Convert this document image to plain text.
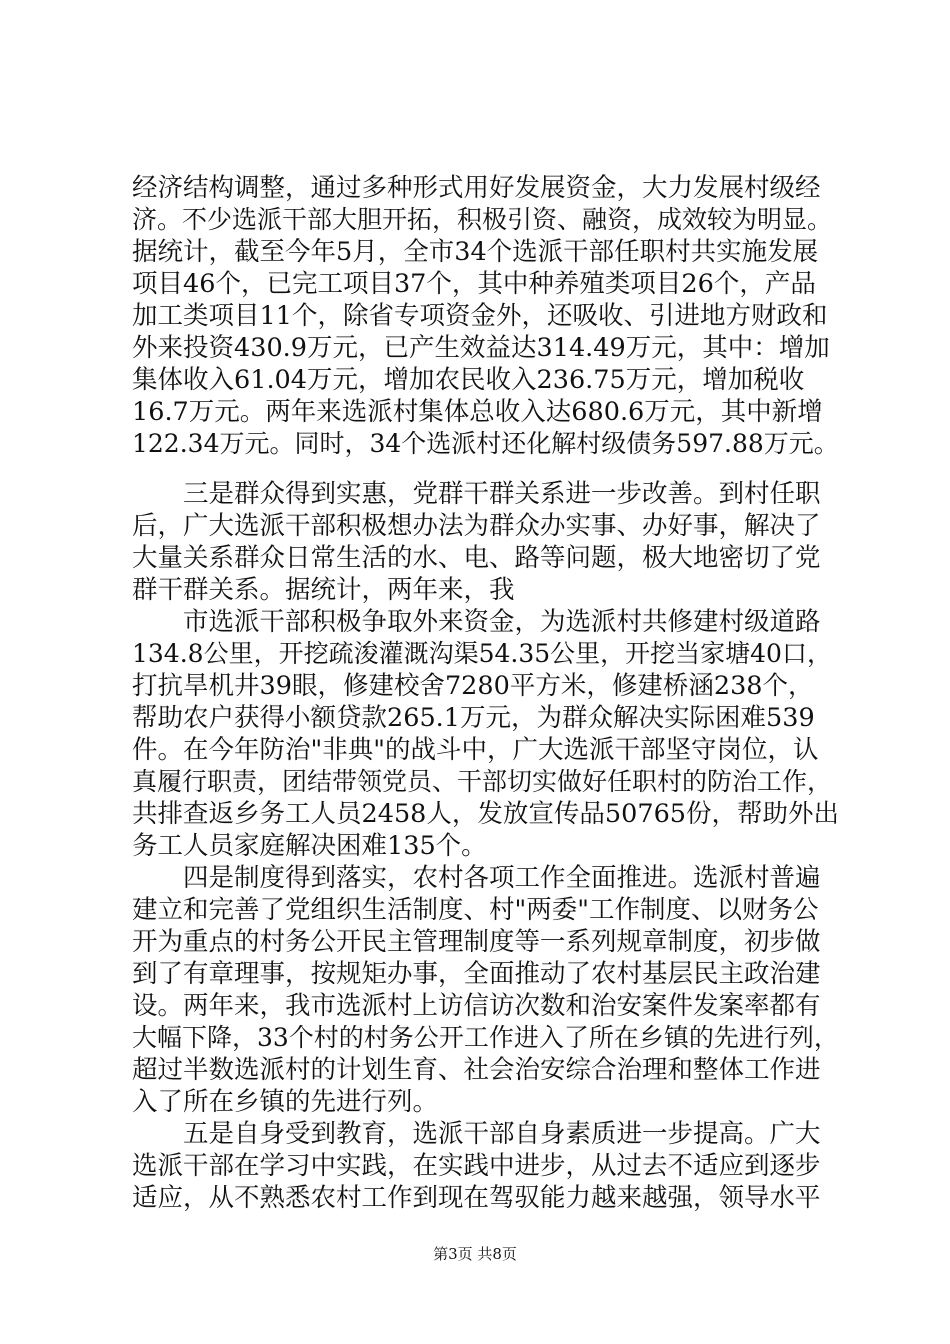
经济结构调整，通过多种形式用好发展资金，大力发展村级经
济。不少选派干部大胆开拓，积极引资、融资，成效较为明显。
据统计，截至今年5月，全市34个选派干部任职村共实施发展
项目46个，已完工项目37个，其中种养殖类项目26个，产品
加工类项目11个，除省专项资金外，还吸收、引进地方财政和
外来投资430.9万元，已产生效益达314.49万元，其中：增加
集体收入61.04万元，增加农民收入236.75万元，增加税收
16.7万元。两年来选派村集体总收入达680.6万元，其中新增
122.34万元。同时，34个选派村还化解村级债务597.88万元。
　　三是群众得到实惠，党群干群关系进一步改善。到村任职
后，广大选派干部积极想办法为群众办实事、办好事，解决了
大量关系群众日常生活的水、电、路等问题，极大地密切了党
群干群关系。据统计，两年来，我
　　市选派干部积极争取外来资金，为选派村共修建村级道路
134.8公里，开挖疏浚灌溉沟渠54.35公里，开挖当家塘40口，
打抗旱机井39眼，修建校舍7280平方米，修建桥涵238个，
帮助农户获得小额贷款265.1万元，为群众解决实际困难539
件。在今年防治"非典"的战斗中，广大选派干部坚守岗位，认
真履行职责，团结带领党员、干部切实做好任职村的防治工作，
共排查返乡务工人员2458人，发放宣传品50765份，帮助外出
务工人员家庭解决困难135个。
　　四是制度得到落实，农村各项工作全面推进。选派村普遍
建立和完善了党组织生活制度、村"两委"工作制度、以财务公
开为重点的村务公开民主管理制度等一系列规章制度，初步做
到了有章理事，按规矩办事，全面推动了农村基层民主政治建
设。两年来，我市选派村上访信访次数和治安案件发案率都有
大幅下降，33个村的村务公开工作进入了所在乡镇的先进行列，
超过半数选派村的计划生育、社会治安综合治理和整体工作进
入了所在乡镇的先进行列。
　　五是自身受到教育，选派干部自身素质进一步提高。广大
选派干部在学习中实践，在实践中进步，从过去不适应到逐步
适应，从不熟悉农村工作到现在驾驭能力越来越强，领导水平
第3页 共8页
